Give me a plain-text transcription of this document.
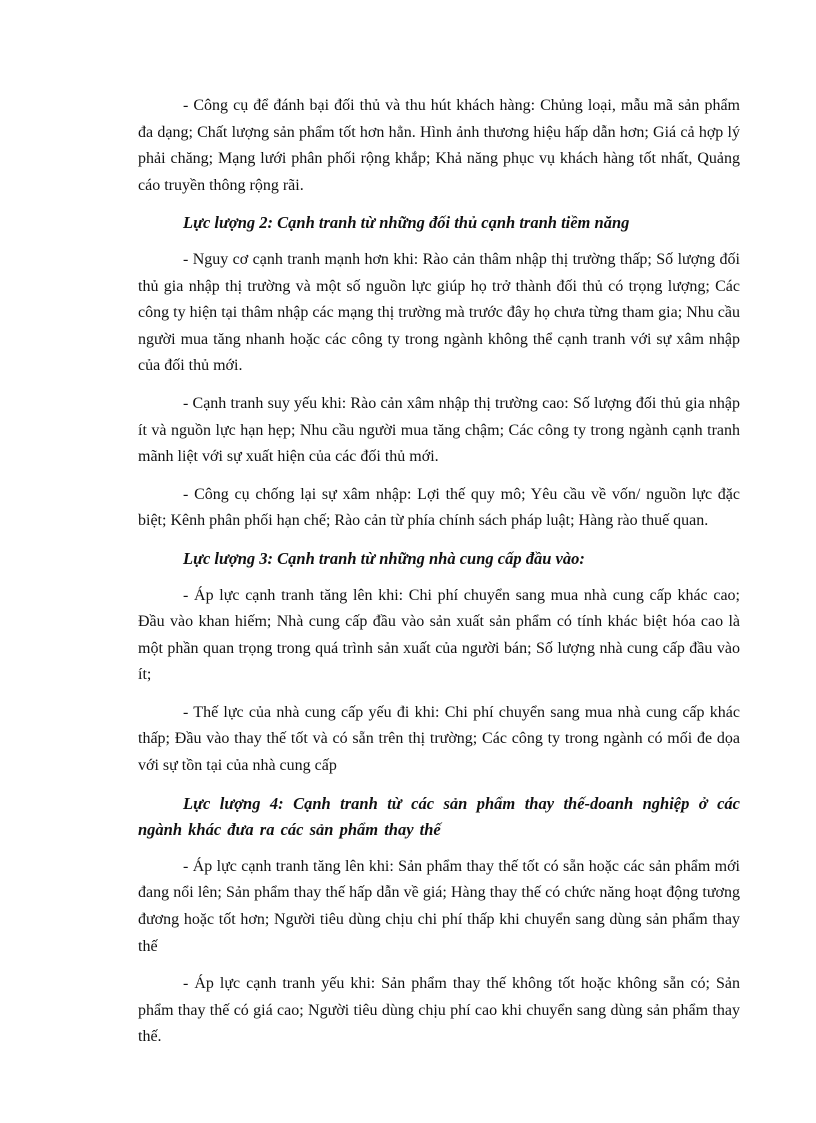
- Công cụ để đánh bại đối thủ và thu hút khách hàng: Chủng loại, mẫu mã sản phẩm đa dạng; Chất lượng sản phẩm tốt hơn hẳn. Hình ảnh thương hiệu hấp dẫn hơn; Giá cả hợp lý phải chăng; Mạng lưới phân phối rộng khắp; Khả năng phục vụ khách hàng tốt nhất, Quảng cáo truyền thông rộng rãi.

Lực lượng 2: Cạnh tranh từ những đối thủ cạnh tranh tiềm năng

- Nguy cơ cạnh tranh mạnh hơn khi: Rào cản thâm nhập thị trường thấp; Số lượng đối thủ gia nhập thị trường và một số nguồn lực giúp họ trở thành đối thủ có trọng lượng; Các công ty hiện tại thâm nhập các mạng thị trường mà trước đây họ chưa từng tham gia; Nhu cầu người mua tăng nhanh hoặc các công ty trong ngành không thể cạnh tranh với sự xâm nhập của đối thủ mới.

- Cạnh tranh suy yếu khi: Rào cản xâm nhập thị trường cao: Số lượng đối thủ gia nhập ít và nguồn lực hạn hẹp; Nhu cầu người mua tăng chậm; Các công ty trong ngành cạnh tranh mãnh liệt với sự xuất hiện của các đối thủ mới.

- Công cụ chống lại sự xâm nhập: Lợi thế quy mô; Yêu cầu về vốn/ nguồn lực đặc biệt; Kênh phân phối hạn chế; Rào cản từ phía chính sách pháp luật; Hàng rào thuế quan.

Lực lượng 3: Cạnh tranh từ những nhà cung cấp đầu vào:

- Áp lực cạnh tranh tăng lên khi: Chi phí chuyển sang mua nhà cung cấp khác cao; Đầu vào khan hiếm; Nhà cung cấp đầu vào sản xuất sản phẩm có tính khác biệt hóa cao là một phần quan trọng trong quá trình sản xuất của người bán; Số lượng nhà cung cấp đầu vào ít;

- Thế lực của nhà cung cấp yếu đi khi: Chi phí chuyển sang mua nhà cung cấp khác thấp; Đầu vào thay thế tốt và có sẵn trên thị trường; Các công ty trong ngành có mối đe dọa với sự tồn tại của nhà cung cấp

Lực lượng 4: Cạnh tranh từ các sản phẩm thay thế-doanh nghiệp ở các ngành khác đưa ra các sản phẩm thay thế

- Áp lực cạnh tranh tăng lên khi: Sản phẩm thay thế tốt có sẵn hoặc các sản phẩm mới đang nổi lên; Sản phẩm thay thế hấp dẫn về giá; Hàng thay thế có chức năng hoạt động tương đương hoặc tốt hơn; Người tiêu dùng chịu chi phí thấp khi chuyển sang dùng sản phẩm thay thế

- Áp lực cạnh tranh yếu khi: Sản phẩm thay thế không tốt hoặc không sẵn có; Sản phẩm thay thế có giá cao; Người tiêu dùng chịu phí cao khi chuyển sang dùng sản phẩm thay thế.
